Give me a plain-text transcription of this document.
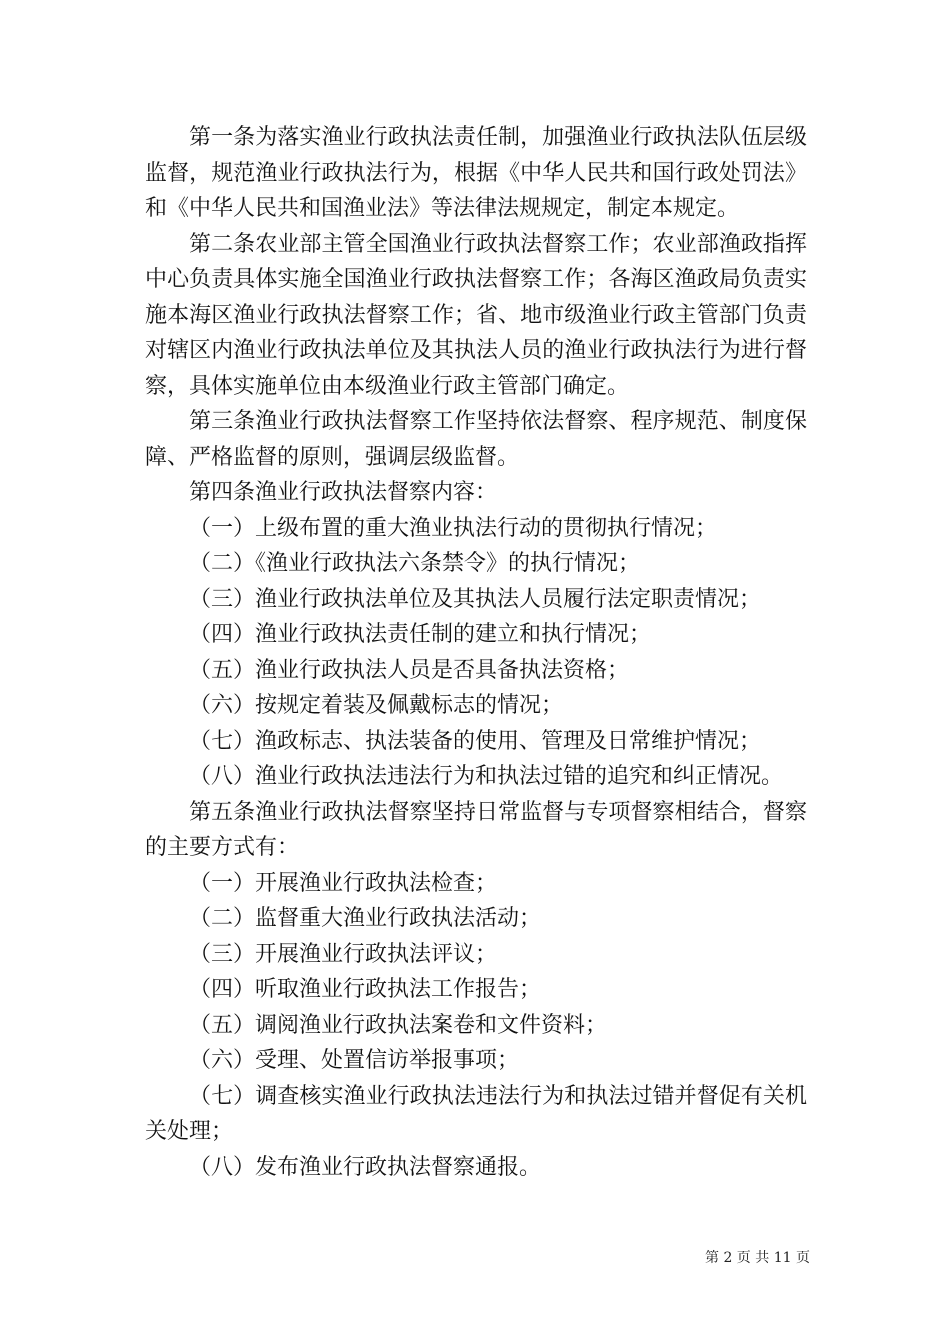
第一条为落实渔业行政执法责任制，加强渔业行政执法队伍层级监督，规范渔业行政执法行为，根据《中华人民共和国行政处罚法》和《中华人民共和国渔业法》等法律法规规定，制定本规定。

第二条农业部主管全国渔业行政执法督察工作；农业部渔政指挥中心负责具体实施全国渔业行政执法督察工作；各海区渔政局负责实施本海区渔业行政执法督察工作；省、地市级渔业行政主管部门负责对辖区内渔业行政执法单位及其执法人员的渔业行政执法行为进行督察，具体实施单位由本级渔业行政主管部门确定。

第三条渔业行政执法督察工作坚持依法督察、程序规范、制度保障、严格监督的原则，强调层级监督。

第四条渔业行政执法督察内容：

（一）上级布置的重大渔业执法行动的贯彻执行情况；

（二）《渔业行政执法六条禁令》的执行情况；

（三）渔业行政执法单位及其执法人员履行法定职责情况；

（四）渔业行政执法责任制的建立和执行情况；

（五）渔业行政执法人员是否具备执法资格；

（六）按规定着装及佩戴标志的情况；

（七）渔政标志、执法装备的使用、管理及日常维护情况；

（八）渔业行政执法违法行为和执法过错的追究和纠正情况。

第五条渔业行政执法督察坚持日常监督与专项督察相结合，督察的主要方式有：

（一）开展渔业行政执法检查；

（二）监督重大渔业行政执法活动；

（三）开展渔业行政执法评议；

（四）听取渔业行政执法工作报告；

（五）调阅渔业行政执法案卷和文件资料；

（六）受理、处置信访举报事项；

（七）调查核实渔业行政执法违法行为和执法过错并督促有关机关处理；

（八）发布渔业行政执法督察通报。

第 2 页 共 11 页
